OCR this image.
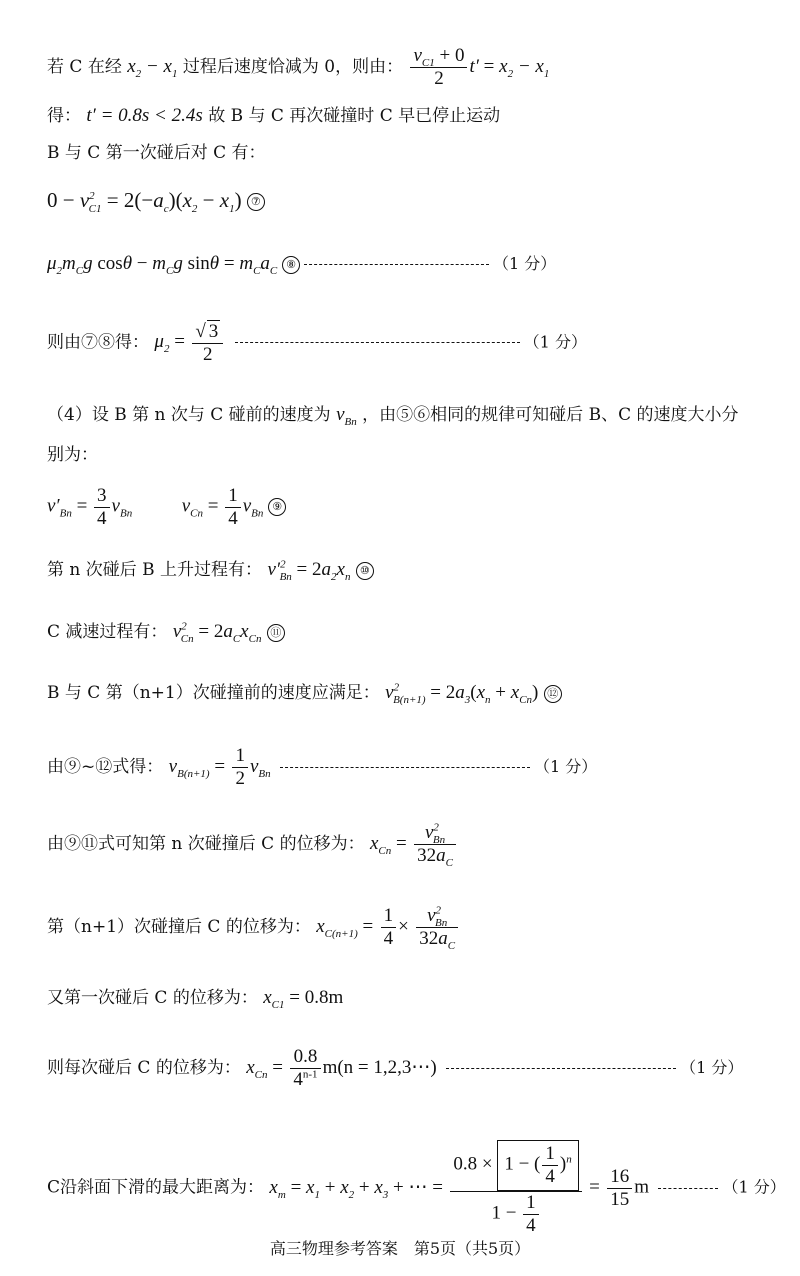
若 C 在经 $x_2 - x_1$ 过程后速度恰减为 0，则由： $\frac{v_{C1} + 0}{2} t' = x_2 - x_1$
得： t′ = 0.8s < 2.4s 故 B 与 C 再次碰撞时 C 早已停止运动
B 与 C 第一次碰后对 C 有：
$0 - v^2_{C1} = 2(-a_c)(x_2 - x_1)$ ⑦
$\mu_2m_Cg$ $\cos\theta - m_Cg$ $\sin\theta = m_Ca_C$ ⑧	（1 分）
则由⑦⑧得： $\mu_2 = \frac{√ 3}{2}$	（1 分）
（4）设 B 第 n 次与 C 碰前的速度为 $v_{Bn}$ ，由⑤⑥相同的规律可知碰后 B、C 的速度大小分
别为：
$v'_{Bn} = \frac{3}{4} v_{Bn}$  $v_{Cn} = \frac{1}{4} v_{Bn}$ ⑨
第 n 次碰后 B 上升过程有： $v'^2_{Bn} = 2a_2x_n$ ⑩
C 减速过程有： $v^2_{Cn} = 2a_Cx_{Cn}$ ⑪
B 与 C 第（n+1）次碰撞前的速度应满足： $v^2_{B(n+1)} = 2a_3(x_n + x_{Cn})$ ⑫
由⑨~⑫式得： $v_{B(n+1)} = \frac{1}{2} v_{Bn}$	（1 分）
由⑨⑪式可知第 n 次碰撞后 C 的位移为： $x_{Cn} = \frac{v^2_{Bn}}{32a_C}$
第（n+1）次碰撞后 C 的位移为： $x_{C(n+1)} = \frac{1}{4} \times \frac{v^2_{Bn}}{32a_C}$
又第一次碰后 C 的位移为： $x_{C1} = 0.8m$
则每次碰后 C 的位移为： $x_{Cn} = \frac{0.8}{4^{n-1}} m(n$ = 1,2,3⋯)	（1 分）
C沿斜面下滑的最大距离为： $x_m = x_1 + x_2 + x_3$ + ⋯ = $\frac{0.8 \times 1 - ( \frac{1}{4} )^n}{1 - \frac{1}{4}} = \frac{16}{15}$ m	（1 分）
高三物理参考答案　第5页（共5页）
